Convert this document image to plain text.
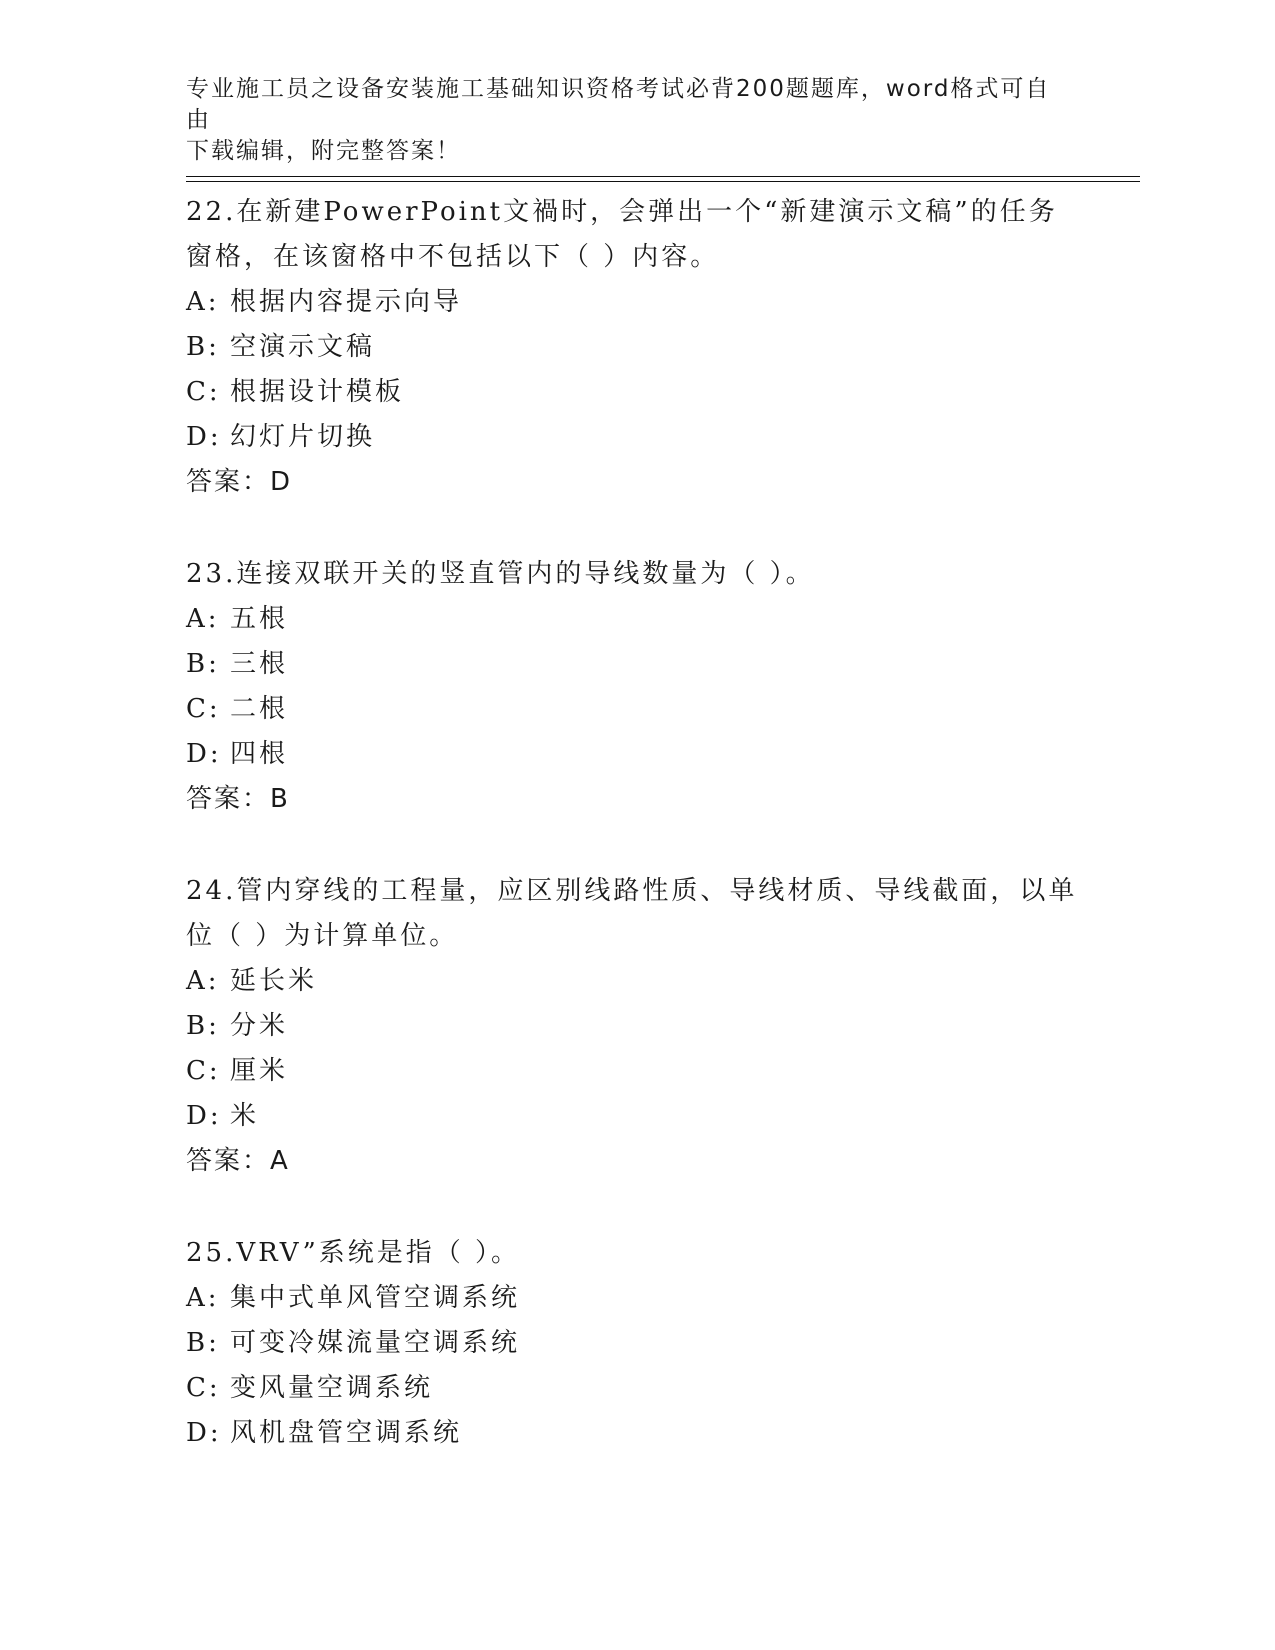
专业施工员之设备安装施工基础知识资格考试必背200题题库，word格式可自由
下载编辑，附完整答案！
22.在新建PowerPoint文禍时，会弹出一个“新建演示文稿”的任务
窗格，在该窗格中不包括以下（ ）内容。
A: 根据内容提示向导
B: 空演示文稿
C: 根据设计模板
D: 幻灯片切换
答案：D
23.连接双联开关的竖直管内的导线数量为（ ）。
A: 五根
B: 三根
C: 二根
D: 四根
答案：B
24.管内穿线的工程量，应区别线路性质、导线材质、导线截面，以单
位（ ）为计算单位。
A: 延长米
B: 分米
C: 厘米
D: 米
答案：A
25.VRV”系统是指（ ）。
A: 集中式单风管空调系统
B: 可变冷媒流量空调系统
C: 变风量空调系统
D: 风机盘管空调系统
